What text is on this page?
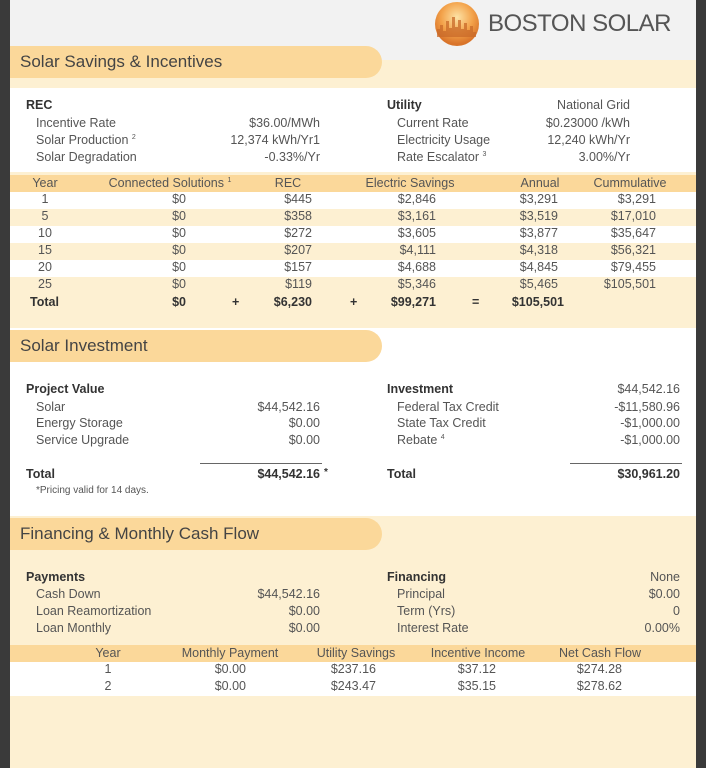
BOSTON SOLAR
Solar Savings & Incentives
REC
Incentive Rate	$36.00/MWh
Solar Production $^2$	12,374 kWh/Yr1
Solar Degradation	-0.33%/Yr
Utility	National Grid
Current Rate	$0.23000 /kWh
Electricity Usage	12,240 kWh/Yr
Rate Escalator $^3$	3.00%/Yr
Year	Connected Solutions $^1$	REC	Electric Savings	Annual	Cummulative
1	$0	$445	$2,846	$3,291	$3,291
5	$0	$358	$3,161	$3,519	$17,010
10	$0	$272	$3,605	$3,877	$35,647
15	$0	$207	$4,111	$4,318	$56,321
20	$0	$157	$4,688	$4,845	$79,455
25	$0	$119	$5,346	$5,465	$105,501
Total	$0	+	$6,230	+	$99,271	=	$105,501
Solar Investment
Project Value
Solar	$44,542.16
Energy Storage	$0.00
Service Upgrade	$0.00
Total	$44,542.16 *
*Pricing valid for 14 days.
Investment	$44,542.16
Federal Tax Credit	-$11,580.96
State Tax Credit	-$1,000.00
Rebate $^4$	-$1,000.00
Total	$30,961.20
Financing & Monthly Cash Flow
Payments
Cash Down	$44,542.16
Loan Reamortization	$0.00
Loan Monthly	$0.00
Financing	None
Principal	$0.00
Term (Yrs)	0
Interest Rate	0.00%
Year	Monthly Payment	Utility Savings	Incentive Income	Net Cash Flow
1	$0.00	$237.16	$37.12	$274.28
2	$0.00	$243.47	$35.15	$278.62
